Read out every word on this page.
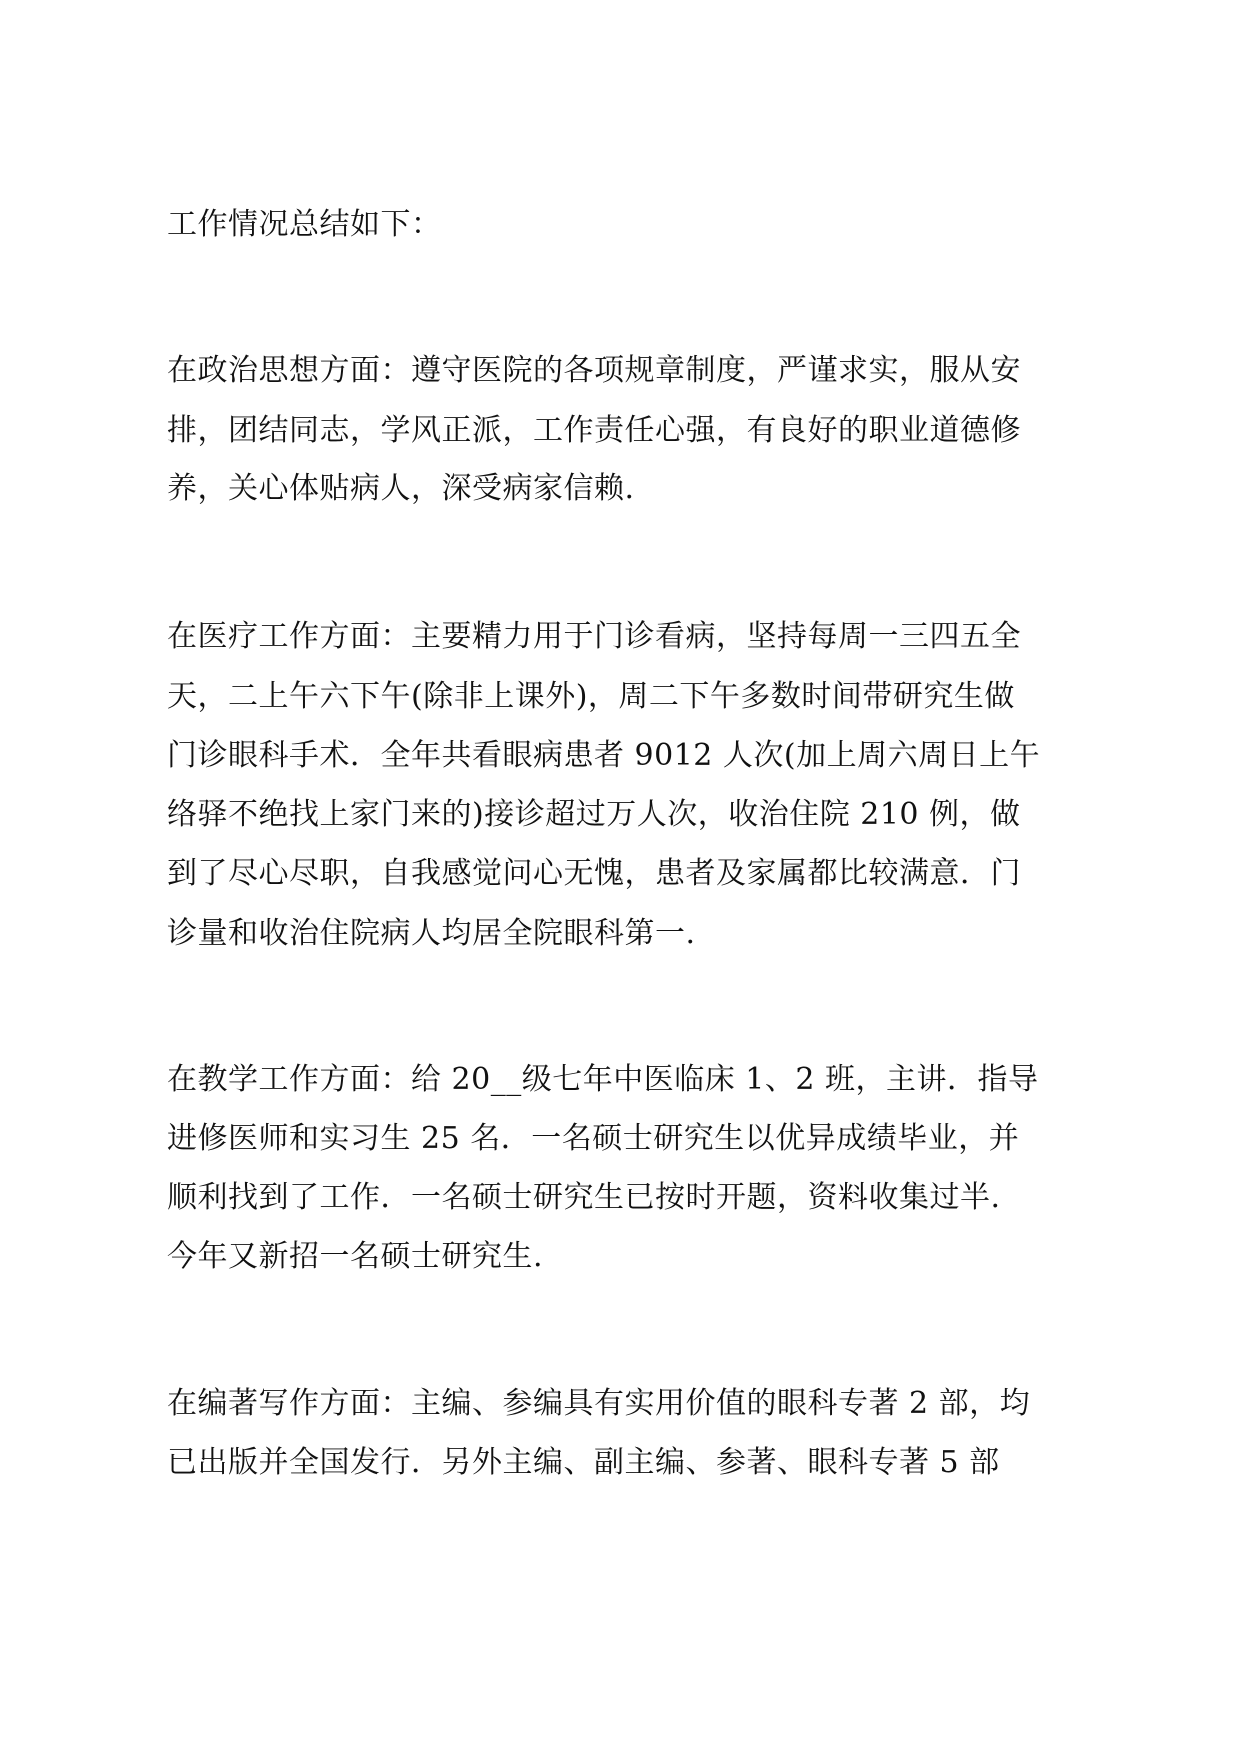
工作情况总结如下：
在政治思想方面：遵守医院的各项规章制度，严谨求实，服从安
排，团结同志，学风正派，工作责任心强，有良好的职业道德修
养，关心体贴病人，深受病家信赖.
在医疗工作方面：主要精力用于门诊看病，坚持每周一三四五全
天，二上午六下午(除非上课外)，周二下午多数时间带研究生做
门诊眼科手术．全年共看眼病患者 9012 人次(加上周六周日上午
络驿不绝找上家门来的)接诊超过万人次，收治住院 210 例，做
到了尽心尽职，自我感觉问心无愧，患者及家属都比较满意．门
诊量和收治住院病人均居全院眼科第一.
在教学工作方面：给 20__级七年中医临床 1、2 班，主讲．指导
进修医师和实习生 25 名．一名硕士研究生以优异成绩毕业，并
顺利找到了工作．一名硕士研究生已按时开题，资料收集过半.
今年又新招一名硕士研究生.
在编著写作方面：主编、参编具有实用价值的眼科专著 2 部，均
已出版并全国发行．另外主编、副主编、参著、眼科专著 5 部
